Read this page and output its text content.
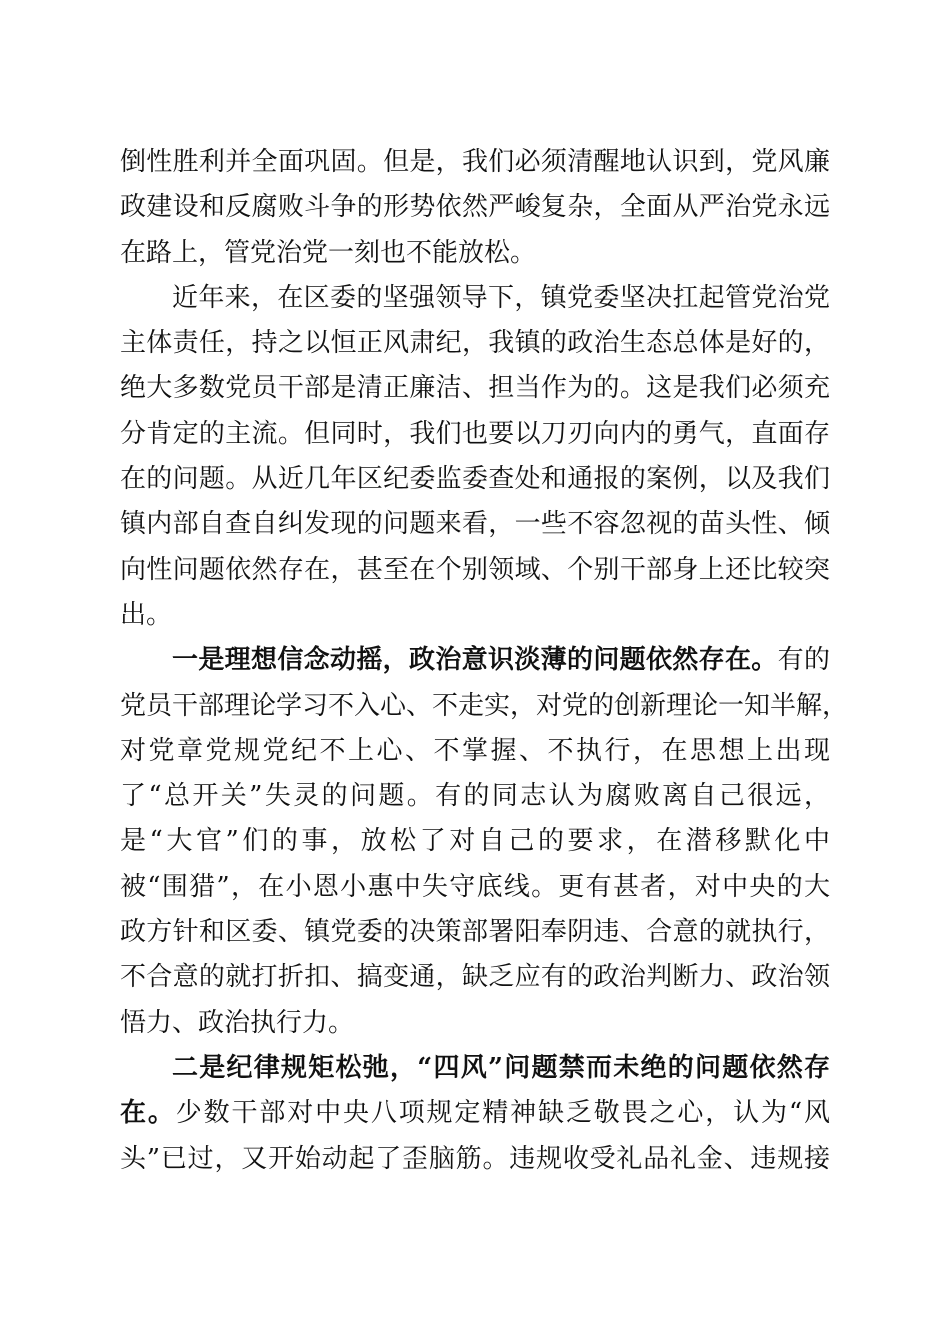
倒性胜利并全面巩固。但是，我们必须清醒地认识到，党风廉
政建设和反腐败斗争的形势依然严峻复杂，全面从严治党永远
在路上，管党治党一刻也不能放松。
近年来，在区委的坚强领导下，镇党委坚决扛起管党治党
主体责任，持之以恒正风肃纪，我镇的政治生态总体是好的，
绝大多数党员干部是清正廉洁、担当作为的。这是我们必须充
分肯定的主流。但同时，我们也要以刀刃向内的勇气，直面存
在的问题。从近几年区纪委监委查处和通报的案例，以及我们
镇内部自查自纠发现的问题来看，一些不容忽视的苗头性、倾
向性问题依然存在，甚至在个别领域、个别干部身上还比较突
出。
一是理想信念动摇，政治意识淡薄的问题依然存在。有的
党员干部理论学习不入心、不走实，对党的创新理论一知半解，
对党章党规党纪不上心、不掌握、不执行，在思想上出现
了“总开关”失灵的问题。有的同志认为腐败离自己很远，
是“大官”们的事，放松了对自己的要求，在潜移默化中
被“围猎”，在小恩小惠中失守底线。更有甚者，对中央的大
政方针和区委、镇党委的决策部署阳奉阴违、合意的就执行，
不合意的就打折扣、搞变通，缺乏应有的政治判断力、政治领
悟力、政治执行力。
二是纪律规矩松弛，“四风”问题禁而未绝的问题依然存
在。少数干部对中央八项规定精神缺乏敬畏之心，认为“风
头”已过，又开始动起了歪脑筋。违规收受礼品礼金、违规接
